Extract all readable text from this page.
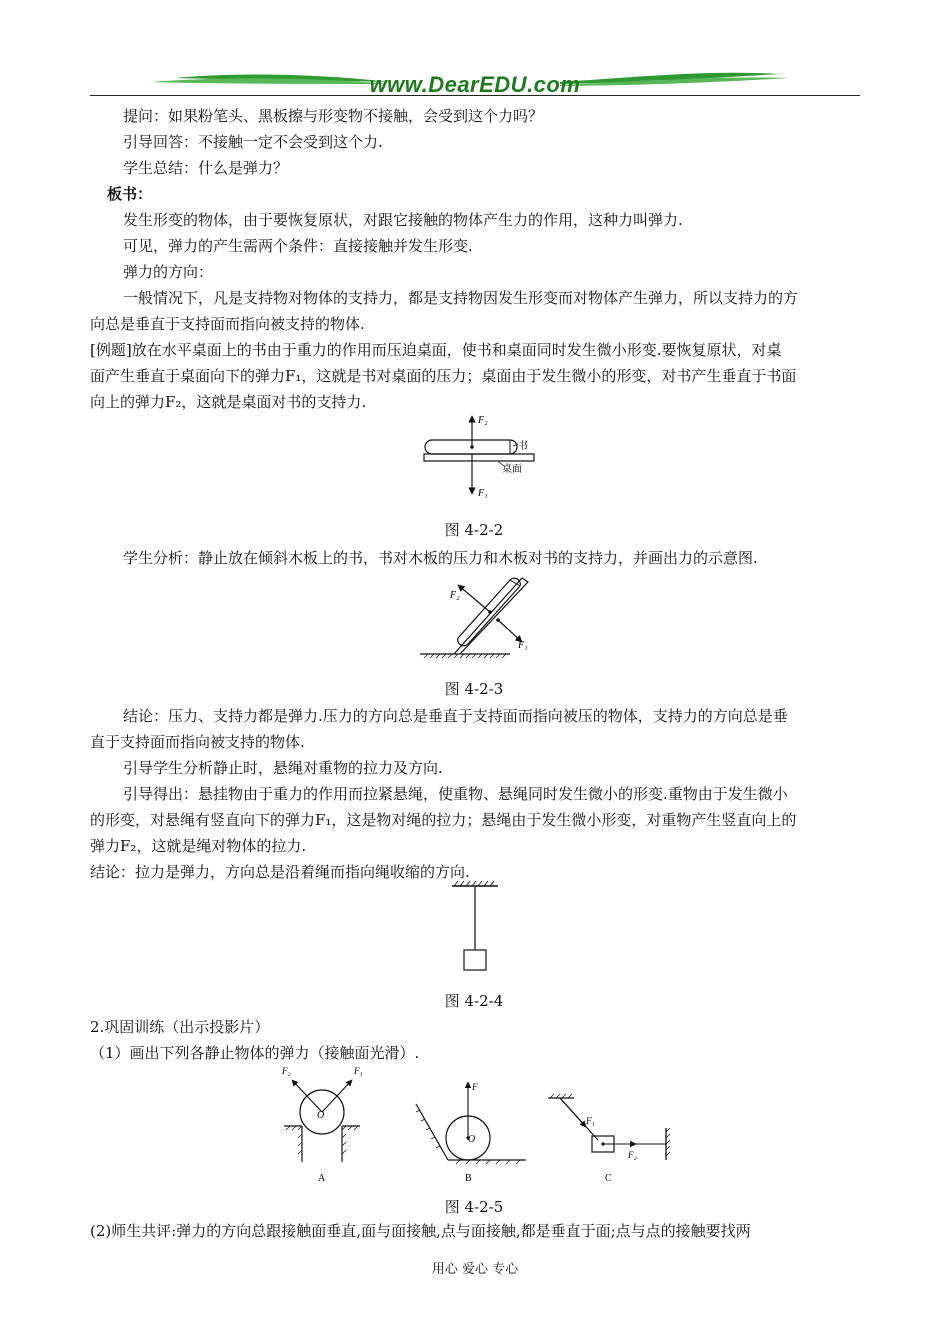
www.DearEDU.com
提问：如果粉笔头、黑板擦与形变物不接触，会受到这个力吗？
引导回答：不接触一定不会受到这个力.
学生总结：什么是弹力？
板书：
发生形变的物体，由于要恢复原状，对跟它接触的物体产生力的作用，这种力叫弹力.
可见，弹力的产生需两个条件：直接接触并发生形变.
弹力的方向：
一般情况下，凡是支持物对物体的支持力，都是支持物因发生形变而对物体产生弹力，所以支持力的方
向总是垂直于支持面而指向被支持的物体.
[例题]放在水平桌面上的书由于重力的作用而压迫桌面，使书和桌面同时发生微小形变.要恢复原状，对桌
面产生垂直于桌面向下的弹力F₁，这就是书对桌面的压力；桌面由于发生微小的形变，对书产生垂直于书面
向上的弹力F₂，这就是桌面对书的支持力.
F₂
F₁
书
桌面
图 4-2-2
学生分析：静止放在倾斜木板上的书，书对木板的压力和木板对书的支持力，并画出力的示意图.
F₂
F₁
图 4-2-3
结论：压力、支持力都是弹力.压力的方向总是垂直于支持面而指向被压的物体，支持力的方向总是垂
直于支持面而指向被支持的物体.
引导学生分析静止时，悬绳对重物的拉力及方向.
引导得出：悬挂物由于重力的作用而拉紧悬绳，使重物、悬绳同时发生微小的形变.重物由于发生微小
的形变，对悬绳有竖直向下的弹力F₁，这是物对绳的拉力；悬绳由于发生微小形变，对重物产生竖直向上的
弹力F₂，这就是绳对物体的拉力.
结论：拉力是弹力，方向总是沿着绳而指向绳收缩的方向.
图 4-2-4
2.巩固训练（出示投影片）
（1）画出下列各静止物体的弹力（接触面光滑）.
F₂	F₁
O
A
F
O
B
F₁
F₂
C
图 4-2-5
(2)师生共评:弹力的方向总跟接触面垂直,面与面接触,点与面接触,都是垂直于面;点与点的接触要找两
用心 爱心 专心
